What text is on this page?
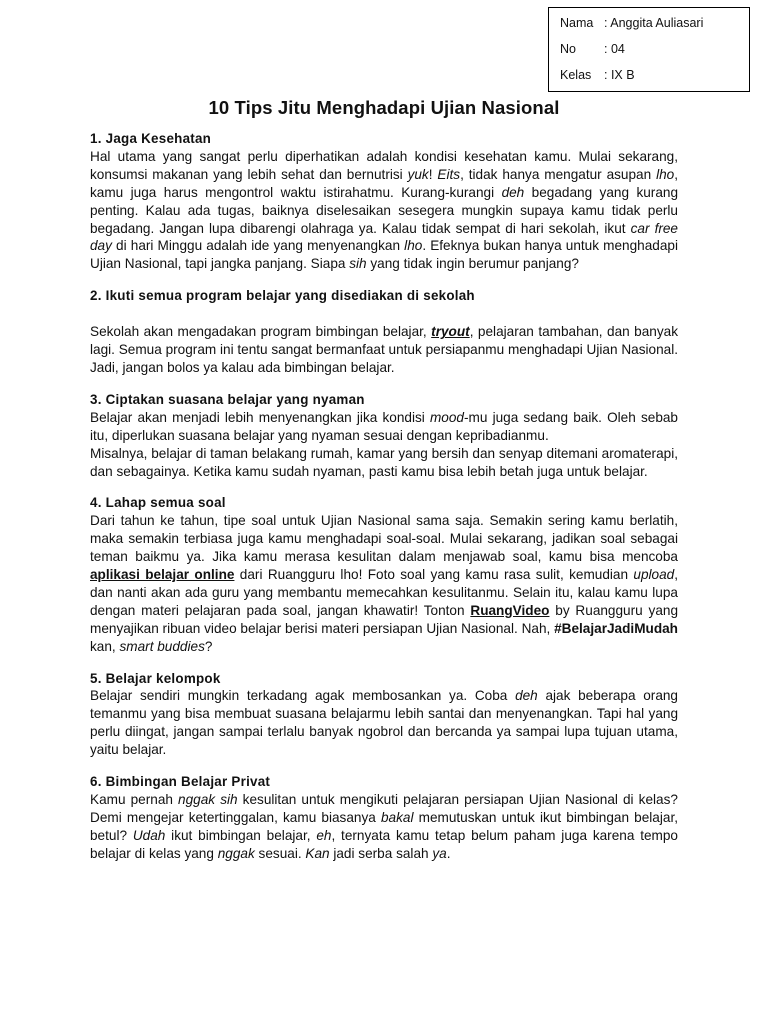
Nama : Anggita Auliasari
No	: 04
Kelas	: IX B
10 Tips Jitu Menghadapi Ujian Nasional
1. Jaga Kesehatan

Hal utama yang sangat perlu diperhatikan adalah kondisi kesehatan kamu. Mulai sekarang, konsumsi makanan yang lebih sehat dan bernutrisi yuk! Eits, tidak hanya mengatur asupan lho, kamu juga harus mengontrol waktu istirahatmu. Kurang-kurangi deh begadang yang kurang penting. Kalau ada tugas, baiknya diselesaikan sesegera mungkin supaya kamu tidak perlu begadang. Jangan lupa dibarengi olahraga ya. Kalau tidak sempat di hari sekolah, ikut car free day di hari Minggu adalah ide yang menyenangkan lho. Efeknya bukan hanya untuk menghadapi Ujian Nasional, tapi jangka panjang. Siapa sih yang tidak ingin berumur panjang?

2. Ikuti semua program belajar yang disediakan di sekolah

Sekolah akan mengadakan program bimbingan belajar, tryout, pelajaran tambahan, dan banyak lagi. Semua program ini tentu sangat bermanfaat untuk persiapanmu menghadapi Ujian Nasional. Jadi, jangan bolos ya kalau ada bimbingan belajar.

3. Ciptakan suasana belajar yang nyaman

Belajar akan menjadi lebih menyenangkan jika kondisi mood-mu juga sedang baik. Oleh sebab itu, diperlukan suasana belajar yang nyaman sesuai dengan kepribadianmu.

Misalnya, belajar di taman belakang rumah, kamar yang bersih dan senyap ditemani aromaterapi, dan sebagainya. Ketika kamu sudah nyaman, pasti kamu bisa lebih betah juga untuk belajar.

4. Lahap semua soal

Dari tahun ke tahun, tipe soal untuk Ujian Nasional sama saja. Semakin sering kamu berlatih, maka semakin terbiasa juga kamu menghadapi soal-soal. Mulai sekarang, jadikan soal sebagai teman baikmu ya. Jika kamu merasa kesulitan dalam menjawab soal, kamu bisa mencoba aplikasi belajar online dari Ruangguru lho! Foto soal yang kamu rasa sulit, kemudian upload, dan nanti akan ada guru yang membantu memecahkan kesulitanmu. Selain itu, kalau kamu lupa dengan materi pelajaran pada soal, jangan khawatir! Tonton RuangVideo by Ruangguru yang menyajikan ribuan video belajar berisi materi persiapan Ujian Nasional. Nah, #BelajarJadiMudah kan, smart buddies?

5. Belajar kelompok

Belajar sendiri mungkin terkadang agak membosankan ya. Coba deh ajak beberapa orang temanmu yang bisa membuat suasana belajarmu lebih santai dan menyenangkan. Tapi hal yang perlu diingat, jangan sampai terlalu banyak ngobrol dan bercanda ya sampai lupa tujuan utama, yaitu belajar.

6. Bimbingan Belajar Privat

Kamu pernah nggak sih kesulitan untuk mengikuti pelajaran persiapan Ujian Nasional di kelas? Demi mengejar ketertinggalan, kamu biasanya bakal memutuskan untuk ikut bimbingan belajar, betul? Udah ikut bimbingan belajar, eh, ternyata kamu tetap belum paham juga karena tempo belajar di kelas yang nggak sesuai. Kan jadi serba salah ya.
